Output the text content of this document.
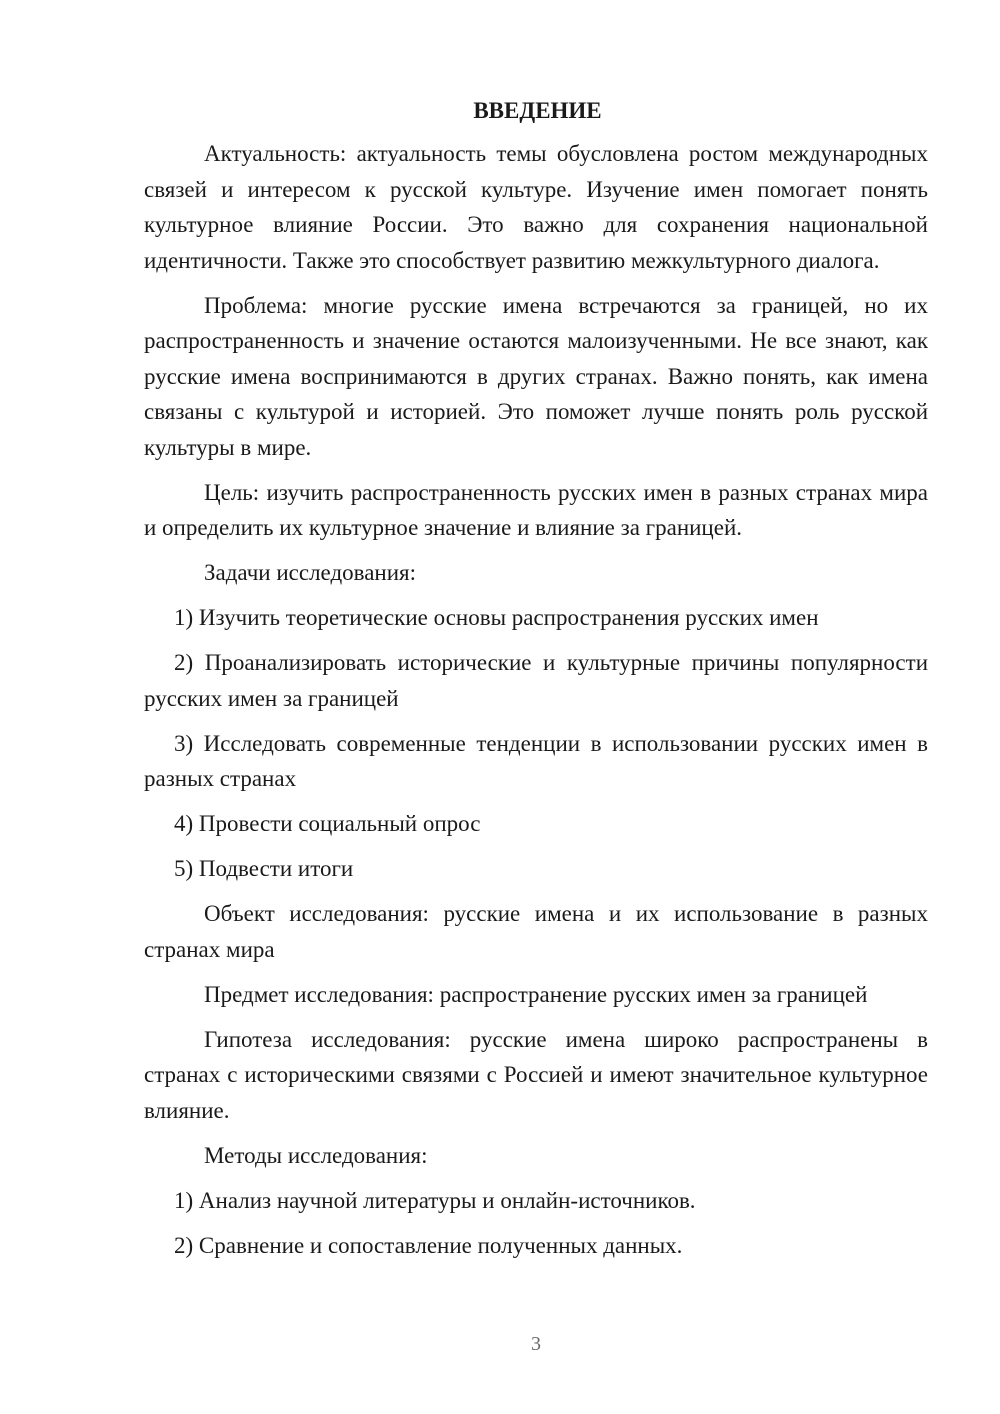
ВВЕДЕНИЕ

Актуальность: актуальность темы обусловлена ростом международных связей и интересом к русской культуре. Изучение имен помогает понять культурное влияние России. Это важно для сохранения национальной идентичности. Также это способствует развитию межкультурного диалога.

Проблема: многие русские имена встречаются за границей, но их распространенность и значение остаются малоизученными. Не все знают, как русские имена воспринимаются в других странах. Важно понять, как имена связаны с культурой и историей. Это поможет лучше понять роль русской культуры в мире.

Цель: изучить распространенность русских имен в разных странах мира и определить их культурное значение и влияние за границей.

Задачи исследования:

1) Изучить теоретические основы распространения русских имен

2) Проанализировать исторические и культурные причины популярности русских имен за границей

3) Исследовать современные тенденции в использовании русских имен в разных странах

4) Провести социальный опрос

5) Подвести итоги

Объект исследования: русские имена и их использование в разных странах мира

Предмет исследования: распространение русских имен за границей

Гипотеза исследования: русские имена широко распространены в странах с историческими связями с Россией и имеют значительное культурное влияние.

Методы исследования:

1) Анализ научной литературы и онлайн-источников.

2) Сравнение и сопоставление полученных данных.

3
